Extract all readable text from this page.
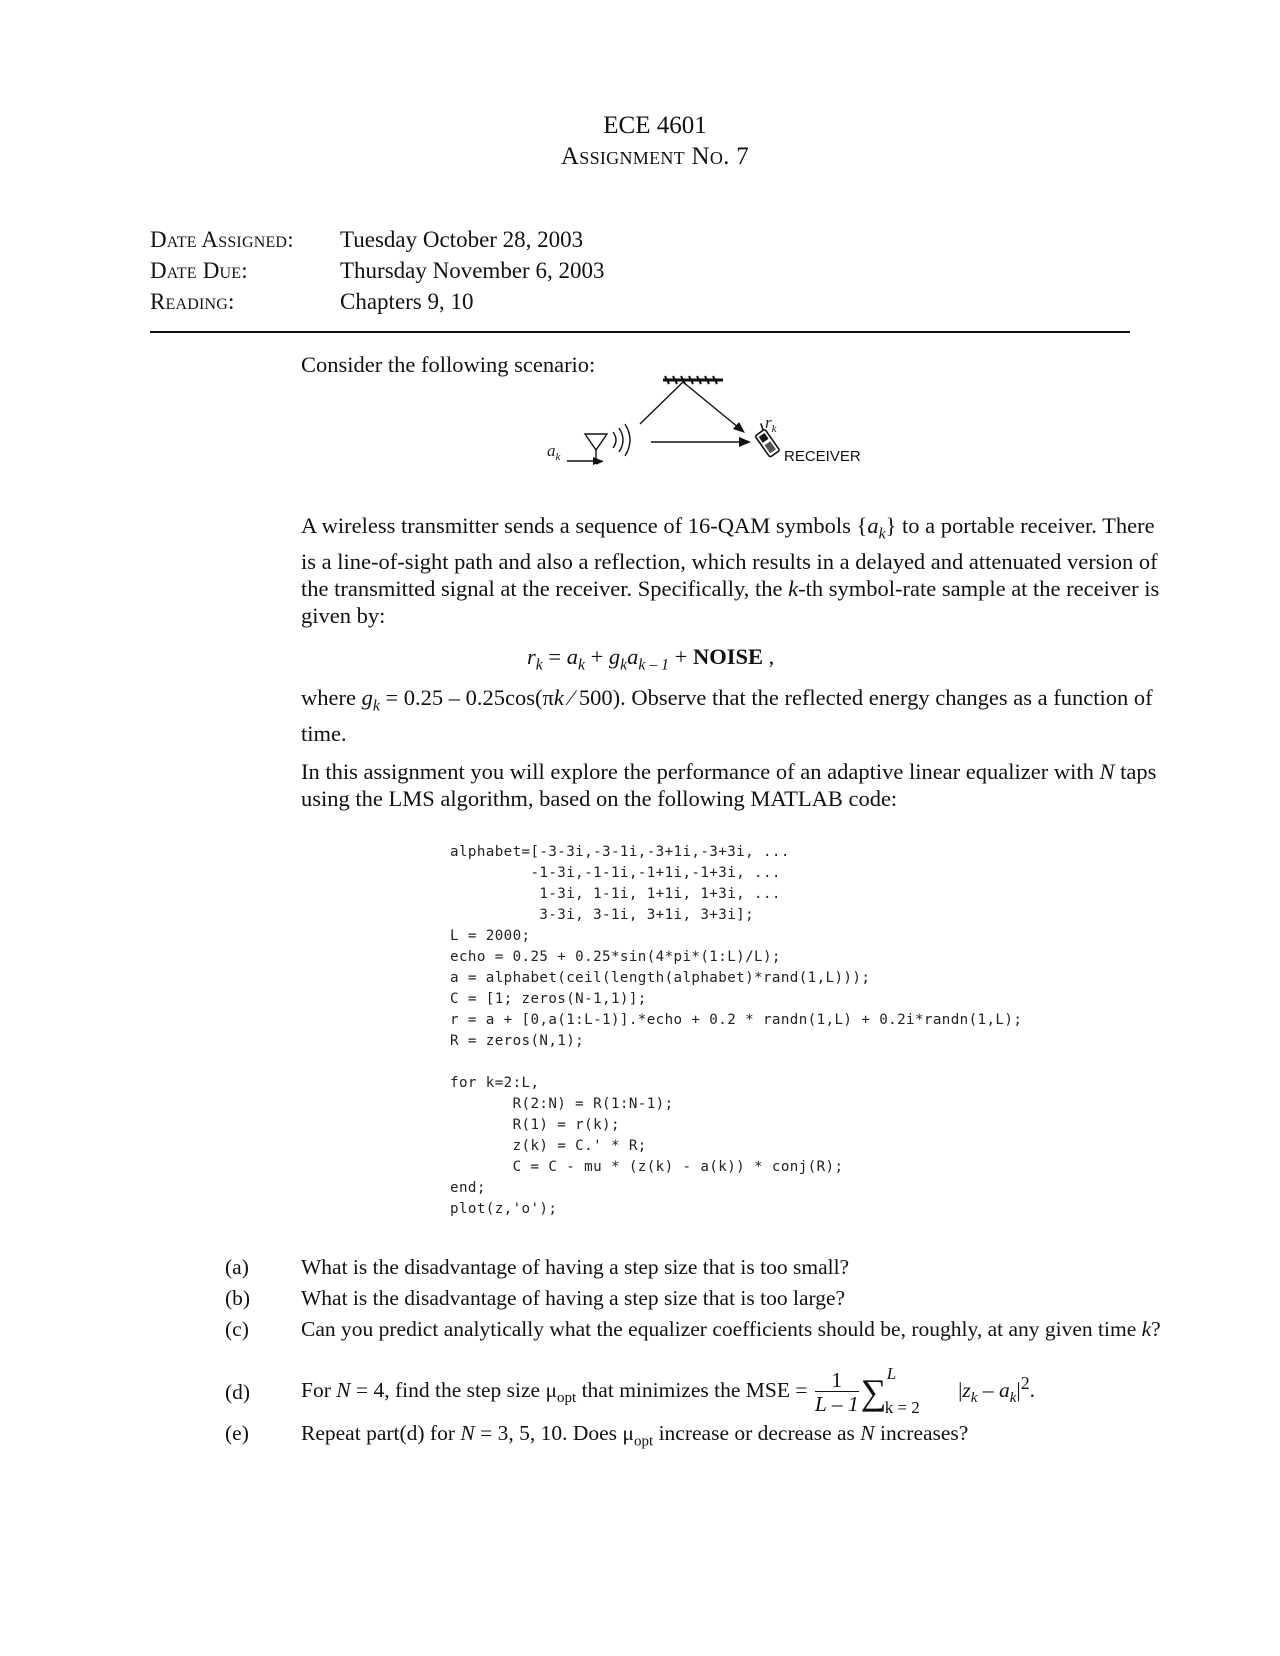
ECE 4601
Assignment No. 7
Date Assigned:	Tuesday October 28, 2003
Date Due:	Thursday November 6, 2003
Reading:	Chapters 9, 10
Consider the following scenario:
$a_k$
$r_k$
RECEIVER
A wireless transmitter sends a sequence of 16-QAM symbols $\{a_k\}$ to a portable receiver. There is a line-of-sight path and also a reflection, which results in a delayed and attenuated version of the transmitted signal at the receiver. Specifically, the k-th symbol-rate sample at the receiver is given by:
$r_k = a_k + g_ka_{k - 1}$ + NOISE ,
where $g_k = 0.25 - 0.25\cos(\pi k$ ⁄ 500). Observe that the reflected energy changes as a function of time.
In this assignment you will explore the performance of an adaptive linear equalizer with N taps using the LMS algorithm, based on the following MATLAB code:
alphabet=[-3-3i,-3-1i,-3+1i,-3+3i, ...
-1-3i,-1-1i,-1+1i,-1+3i, ...
1-3i, 1-1i, 1+1i, 1+3i, ...
3-3i, 3-1i, 3+1i, 3+3i];
L = 2000;
echo = 0.25 + 0.25*sin(4*pi*(1:L)/L);
a = alphabet(ceil(length(alphabet)*rand(1,L)));
C = [1; zeros(N-1,1)];
r = a + [0,a(1:L-1)].*echo + 0.2 * randn(1,L) + 0.2i*randn(1,L);
R = zeros(N,1);

for k=2:L,
R(2:N) = R(1:N-1);
R(1) = r(k);
z(k) = C.' * R;
C = C - mu * (z(k) - a(k)) * conj(R);
end;
plot(z,'o');
(a)	What is the disadvantage of having a step size that is too small?
(b)	What is the disadvantage of having a step size that is too large?
(c)	Can you predict analytically what the equalizer coefficients should be, roughly, at any given time k?
(d)	For N = 4, find the step size $\mu_{opt}$ that minimizes the MSE = $\frac{1}{L - 1}$ ∑ L
k = 2
$|z_k - a_k|^2$.
(e)	Repeat part(d) for N = 3, 5, 10. Does $\mu_{opt}$ increase or decrease as N increases?
